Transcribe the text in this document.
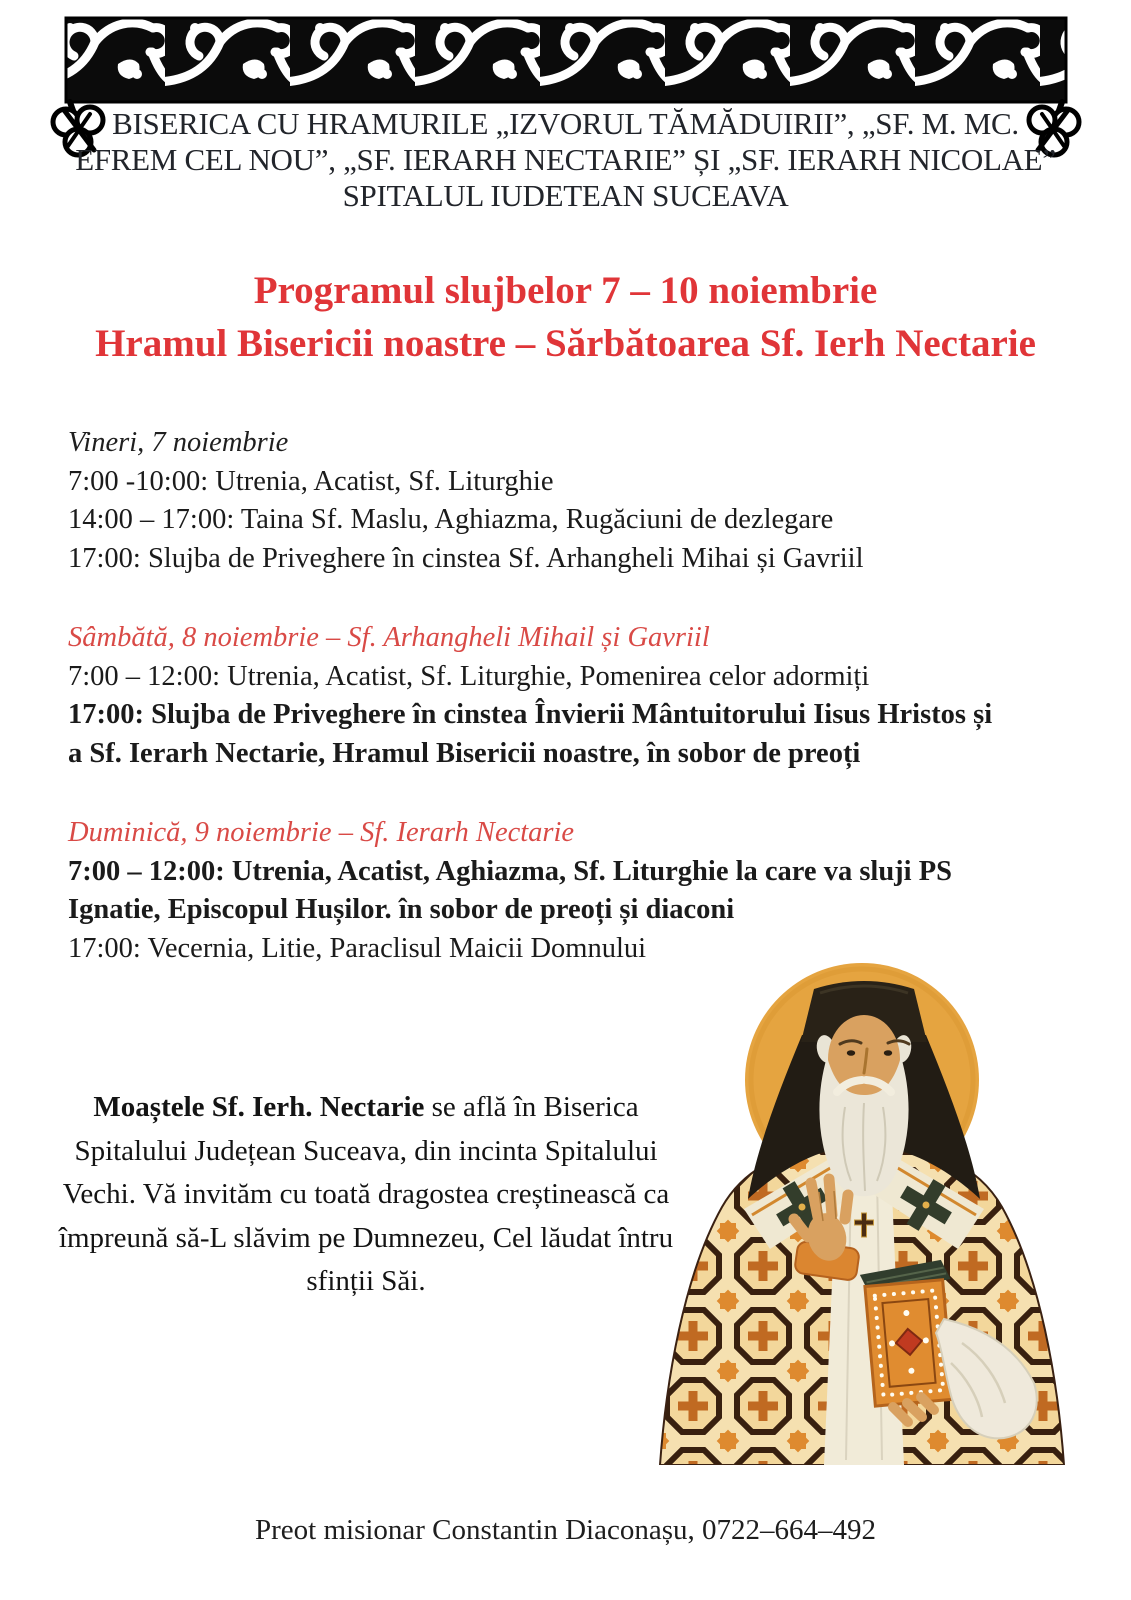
BISERICA CU HRAMURILE „IZVORUL TĂMĂDUIRII”, „SF. M. MC.
EFREM CEL NOU”, „SF. IERARH NECTARIE” ȘI „SF. IERARH NICOLAE”
SPITALUL IUDETEAN SUCEAVA
Programul slujbelor 7 – 10 noiembrie
Hramul Bisericii noastre – Sărbătoarea Sf. Ierh Nectarie
Vineri, 7 noiembrie
7:00 -10:00: Utrenia, Acatist, Sf. Liturghie
14:00 – 17:00: Taina Sf. Maslu, Aghiazma, Rugăciuni de dezlegare
17:00: Slujba de Priveghere în cinstea Sf. Arhangheli Mihai și Gavriil
Sâmbătă, 8 noiembrie – Sf. Arhangheli Mihail și Gavriil
7:00 – 12:00: Utrenia, Acatist, Sf. Liturghie, Pomenirea celor adormiți
17:00: Slujba de Priveghere în cinstea Învierii Mântuitorului Iisus Hristos și
a Sf. Ierarh Nectarie, Hramul Bisericii noastre, în sobor de preoți
Duminică, 9 noiembrie – Sf. Ierarh Nectarie
7:00 – 12:00: Utrenia, Acatist, Aghiazma, Sf. Liturghie la care va sluji PS
Ignatie, Episcopul Hușilor. în sobor de preoți și diaconi
17:00: Vecernia, Litie, Paraclisul Maicii Domnului
Moaștele Sf. Ierh. Nectarie se află în Biserica Spitalului Județean Suceava, din incinta Spitalului Vechi. Vă invităm cu toată dragostea creștinească ca împreună să-L slăvim pe Dumnezeu, Cel lăudat întru sfinții Săi.
Preot misionar Constantin Diaconașu, 0722–664–492
